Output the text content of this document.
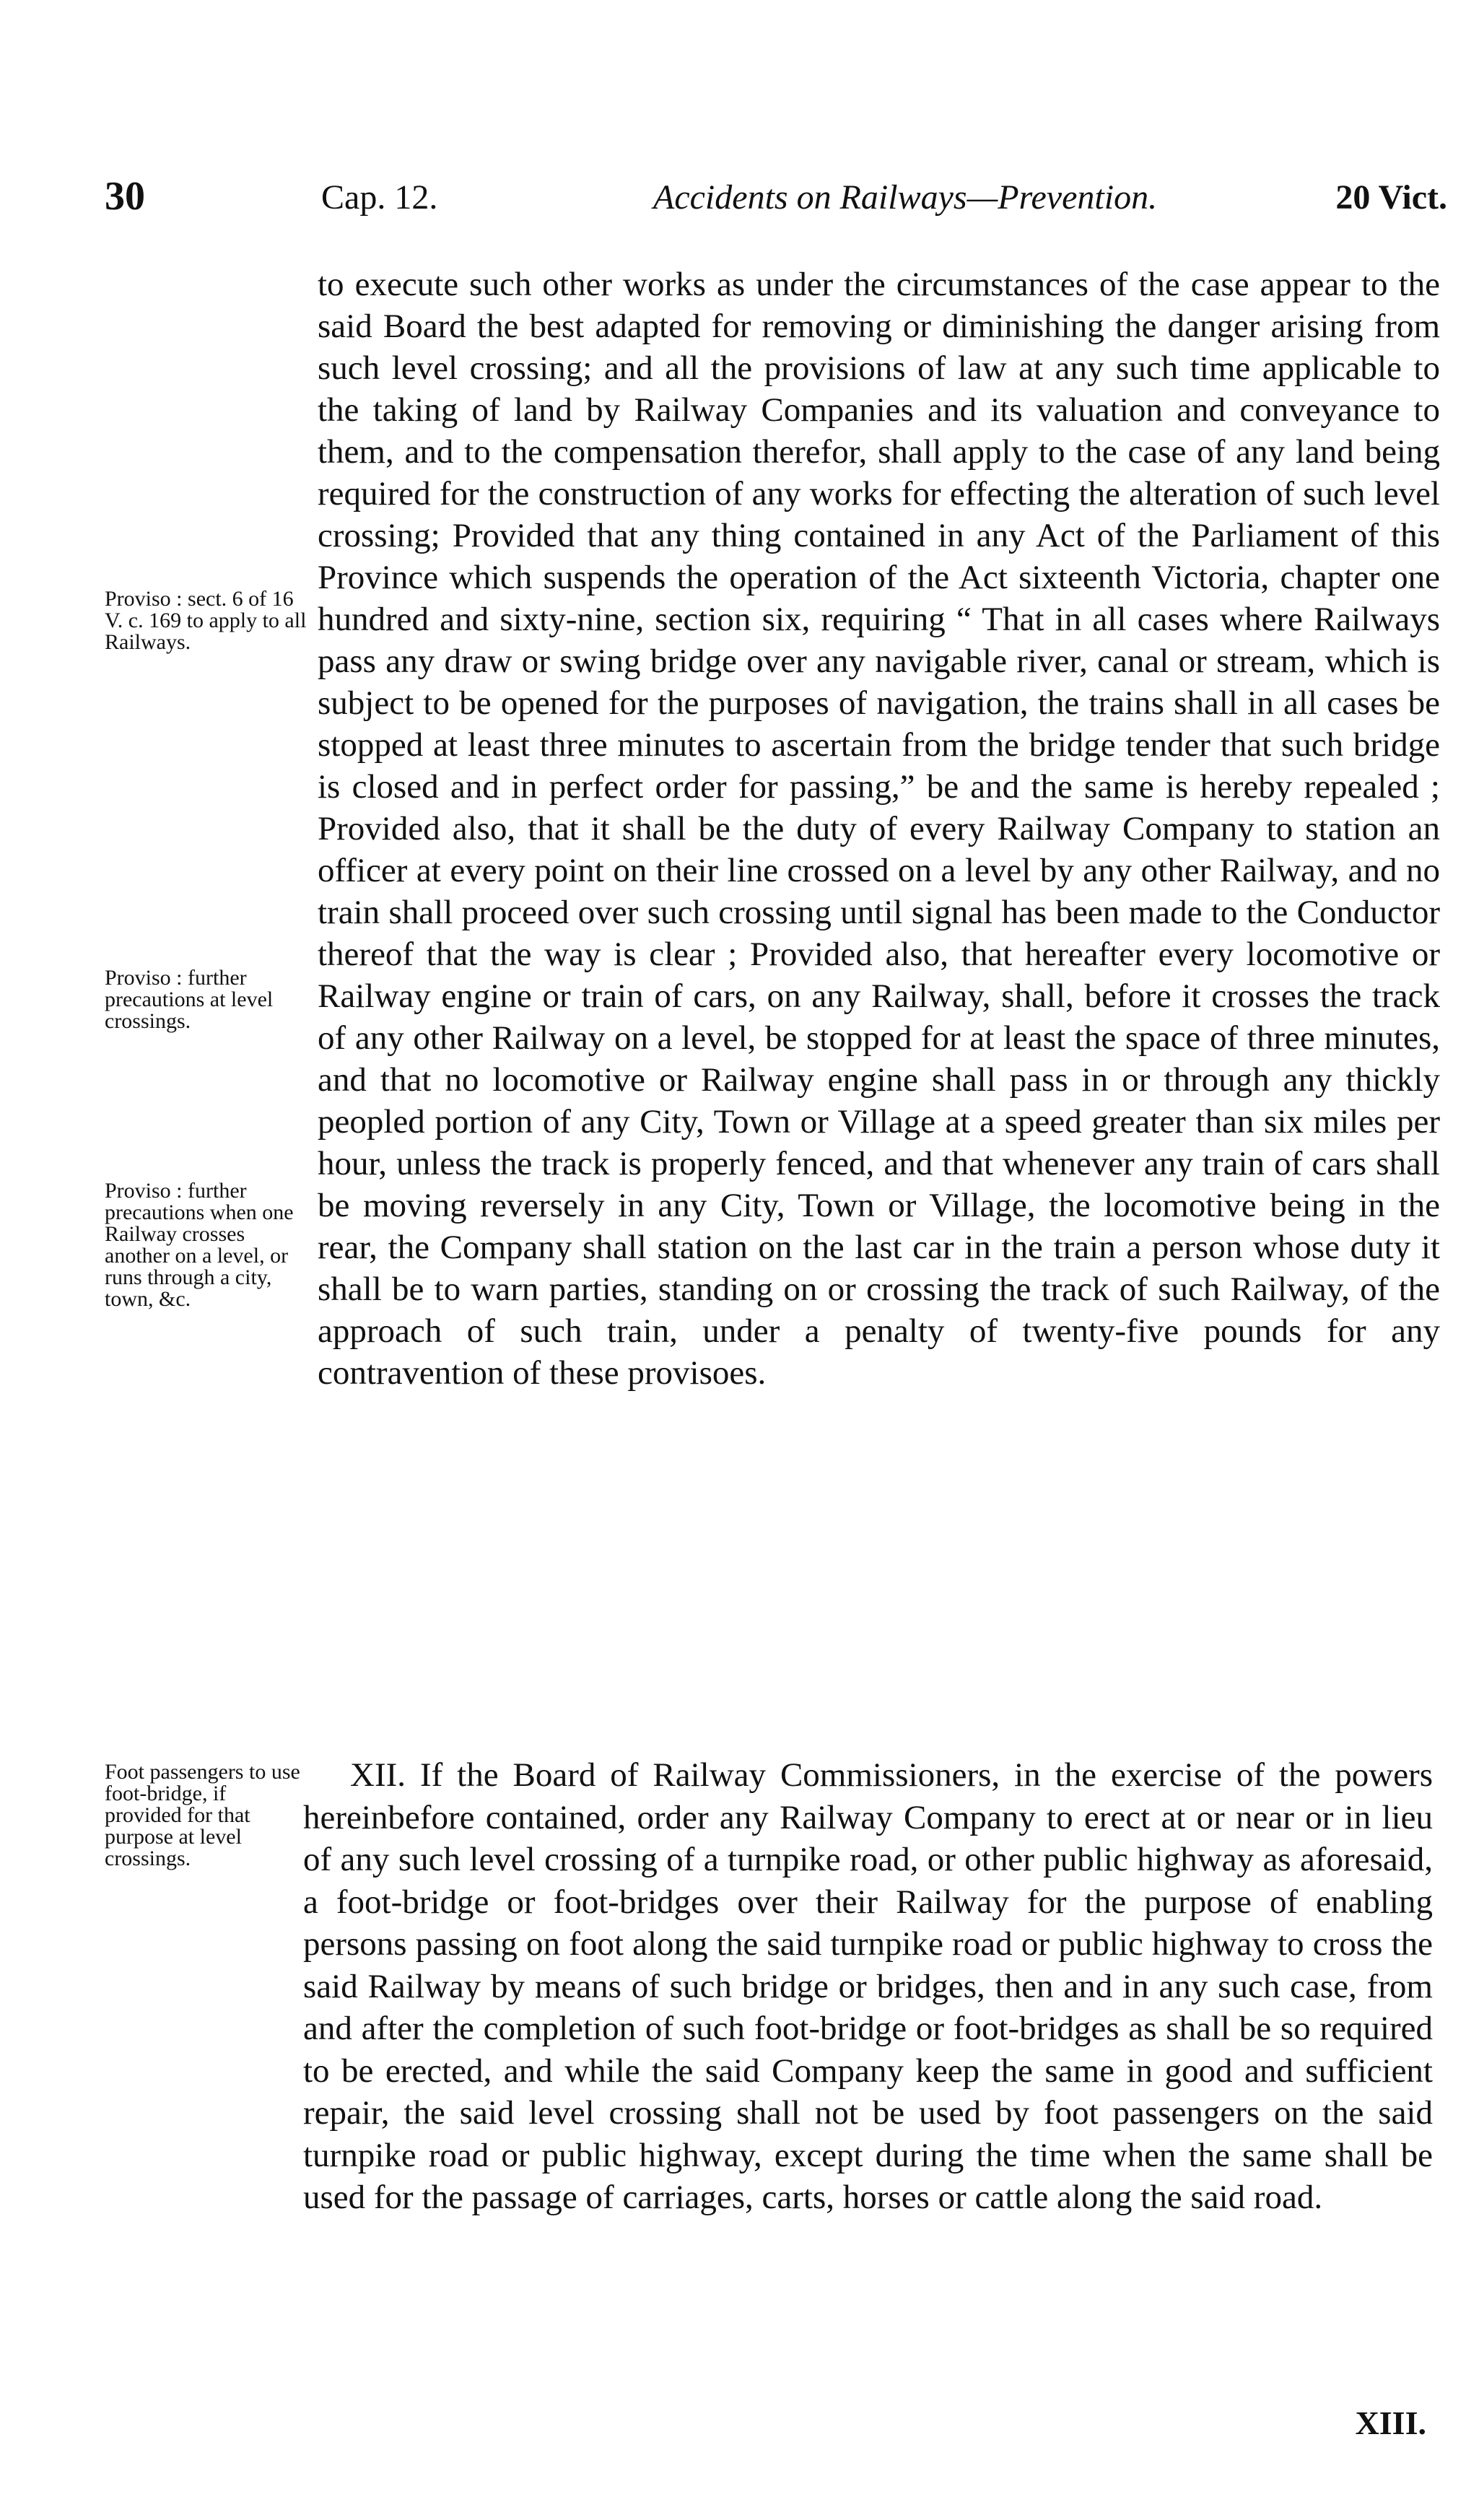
30	Cap. 12.	Accidents on Railways—Prevention.	20 Vict.
Proviso : sect. 6 of 16 V. c. 169 to apply to all Railways.
Proviso : further precautions at level crossings.
Proviso : further precautions when one Railway crosses another on a level, or runs through a city, town, &c.
Foot passengers to use foot-bridge, if provided for that purpose at level crossings.

to execute such other works as under the circumstances of the case appear to the said Board the best adapted for removing or diminishing the danger arising from such level crossing; and all the provisions of law at any such time applicable to the taking of land by Railway Companies and its valuation and conveyance to them, and to the compensation therefor, shall apply to the case of any land being required for the construction of any works for effecting the alteration of such level crossing; Provided that any thing contained in any Act of the Parliament of this Province which suspends the operation of the Act sixteenth Victoria, chapter one hundred and sixty-nine, section six, requiring “ That in all cases where Railways pass any draw or swing bridge over any navigable river, canal or stream, which is subject to be opened for the purposes of navigation, the trains shall in all cases be stopped at least three minutes to ascertain from the bridge tender that such bridge is closed and in perfect order for passing,” be and the same is hereby repealed ; Provided also, that it shall be the duty of every Railway Company to station an officer at every point on their line crossed on a level by any other Railway, and no train shall proceed over such crossing until signal has been made to the Conductor thereof that the way is clear ; Provided also, that hereafter every locomotive or Railway engine or train of cars, on any Railway, shall, before it crosses the track of any other Railway on a level, be stopped for at least the space of three minutes, and that no locomotive or Railway engine shall pass in or through any thickly peopled portion of any City, Town or Village at a speed greater than six miles per hour, unless the track is properly fenced, and that whenever any train of cars shall be moving reversely in any City, Town or Village, the locomotive being in the rear, the Company shall station on the last car in the train a person whose duty it shall be to warn parties, standing on or crossing the track of such Railway, of the approach of such train, under a penalty of twenty-five pounds for any contravention of these provisoes.

XII. If the Board of Railway Commissioners, in the exercise of the powers hereinbefore contained, order any Railway Company to erect at or near or in lieu of any such level crossing of a turnpike road, or other public highway as aforesaid, a foot-bridge or foot-bridges over their Railway for the purpose of enabling persons passing on foot along the said turnpike road or public highway to cross the said Railway by means of such bridge or bridges, then and in any such case, from and after the completion of such foot-bridge or foot-bridges as shall be so required to be erected, and while the said Company keep the same in good and sufficient repair, the said level crossing shall not be used by foot passengers on the said turnpike road or public highway, except during the time when the same shall be used for the passage of carriages, carts, horses or cattle along the said road.

XIII.
